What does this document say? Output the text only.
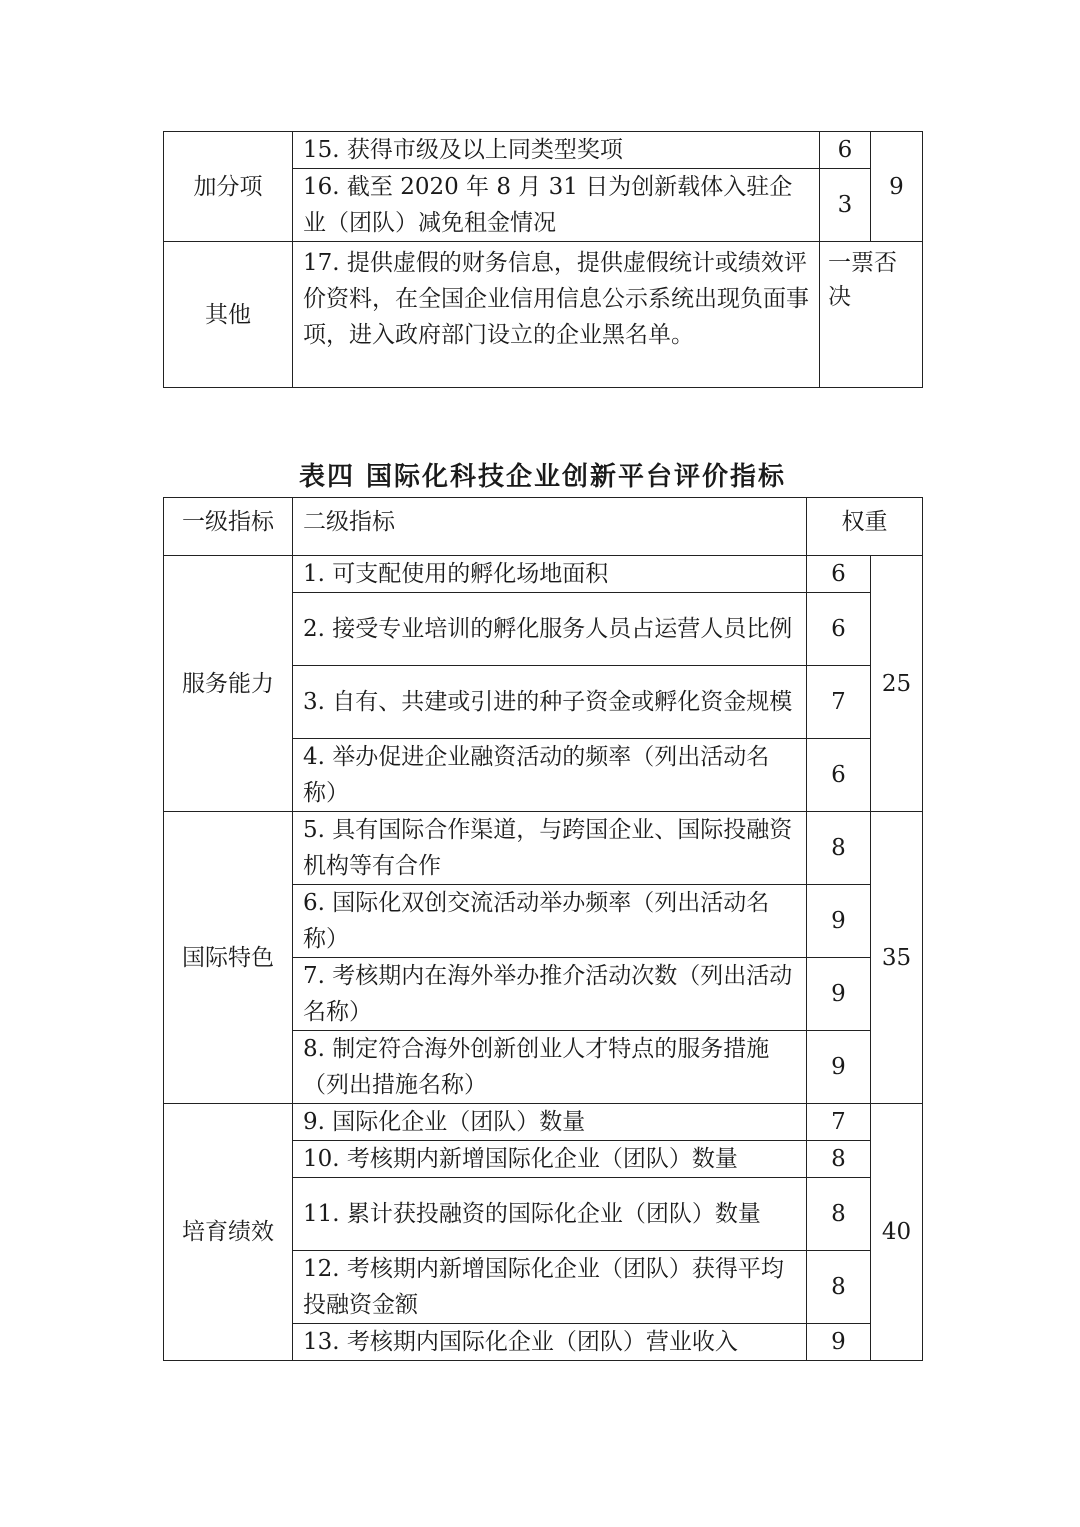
加分项	15. 获得市级及以上同类型奖项	6	9
	16. 截至 2020 年 8 月 31 日为创新载体入驻企业（团队）减免租金情况	3	
其他	17. 提供虚假的财务信息，提供虚假统计或绩效评价资料，在全国企业信用信息公示系统出现负面事项，进入政府部门设立的企业黑名单。	一票否决	
表四 国际化科技企业创新平台评价指标
一级指标	二级指标	权重	
服务能力	1. 可支配使用的孵化场地面积	6	25
	2. 接受专业培训的孵化服务人员占运营人员比例	6	
	3. 自有、共建或引进的种子资金或孵化资金规模	7	
	4. 举办促进企业融资活动的频率（列出活动名称）	6	
国际特色	5. 具有国际合作渠道，与跨国企业、国际投融资机构等有合作	8	35
	6. 国际化双创交流活动举办频率（列出活动名称）	9	
	7. 考核期内在海外举办推介活动次数（列出活动名称）	9	
	8. 制定符合海外创新创业人才特点的服务措施（列出措施名称）	9	
培育绩效	9. 国际化企业（团队）数量	7	40
	10. 考核期内新增国际化企业（团队）数量	8	
	11. 累计获投融资的国际化企业（团队）数量	8	
	12. 考核期内新增国际化企业（团队）获得平均投融资金额	8	
	13. 考核期内国际化企业（团队）营业收入	9	
